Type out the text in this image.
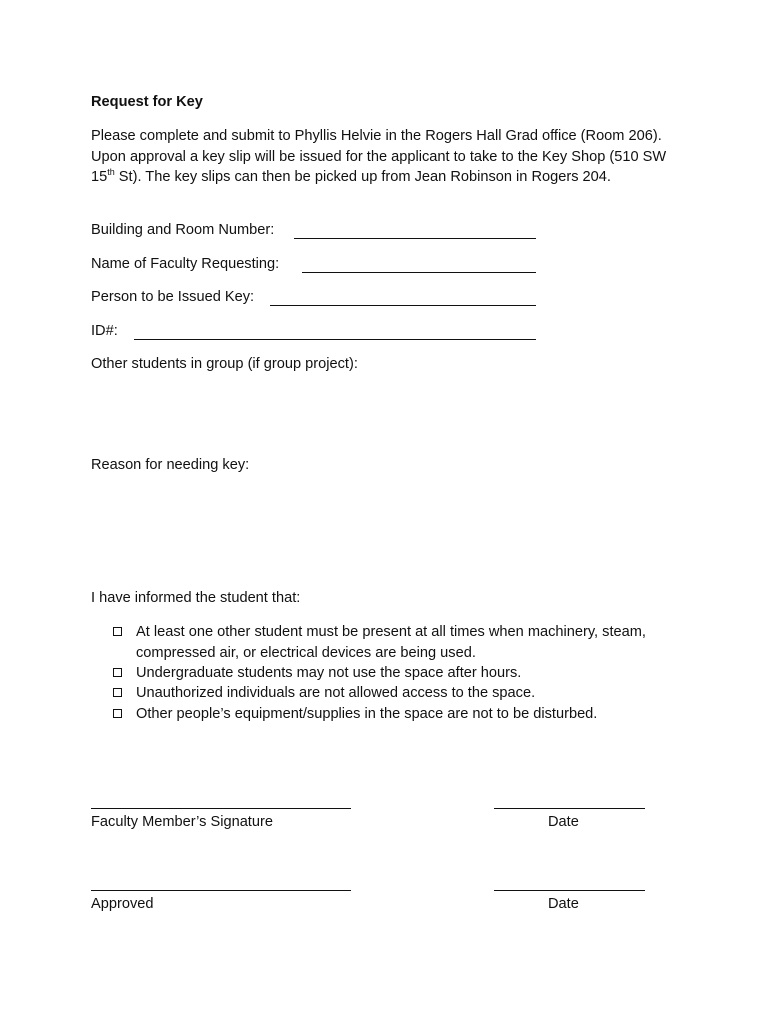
Request for Key
Please complete and submit to Phyllis Helvie in the Rogers Hall Grad office (Room 206). Upon approval a key slip will be issued for the applicant to take to the Key Shop (510 SW 15th St). The key slips can then be picked up from Jean Robinson in Rogers 204.
Building and Room Number:
Name of Faculty Requesting:
Person to be Issued Key:
ID#:
Other students in group (if group project):
Reason for needing key:
I have informed the student that:
At least one other student must be present at all times when machinery, steam, compressed air, or electrical devices are being used.
Undergraduate students may not use the space after hours.
Unauthorized individuals are not allowed access to the space.
Other people’s equipment/supplies in the space are not to be disturbed.
Faculty Member’s Signature	Date
Approved	Date
